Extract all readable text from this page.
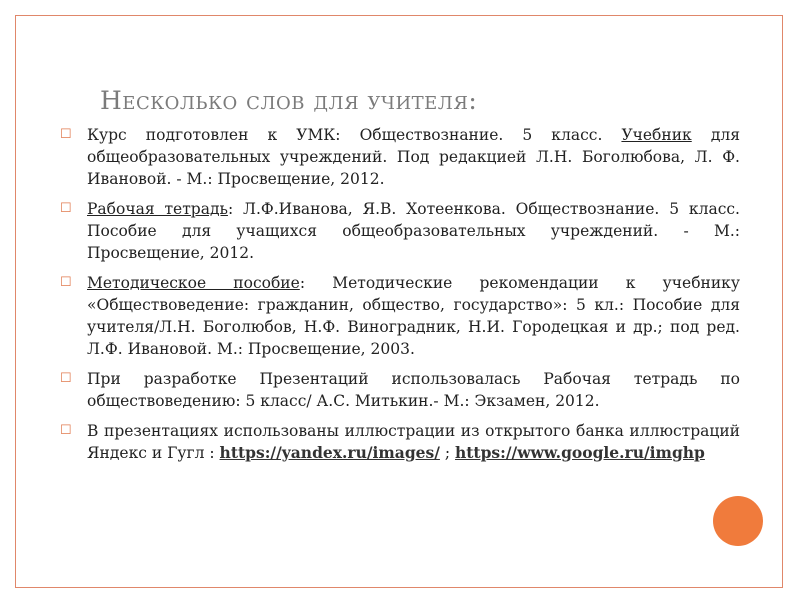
Несколько слов для учителя:
☐ Курс подготовлен к УМК: Обществознание. 5 класс. Учебник для общеобразовательных учреждений. Под редакцией Л.Н. Боголюбова, Л. Ф. Ивановой. - М.: Просвещение, 2012.
☐ Рабочая тетрадь: Л.Ф.Иванова, Я.В. Хотеенкова. Обществознание. 5 класс. Пособие для учащихся общеобразовательных учреждений. - М.: Просвещение, 2012.
☐ Методическое пособие: Методические рекомендации к учебнику «Обществоведение: гражданин, общество, государство»: 5 кл.: Пособие для учителя/Л.Н. Боголюбов, Н.Ф. Виноградник, Н.И. Городецкая и др.; под ред. Л.Ф. Ивановой. М.: Просвещение, 2003.
☐ При разработке Презентаций использовалась Рабочая тетрадь по обществоведению: 5 класс/ А.С. Митькин.- М.: Экзамен, 2012.
☐ В презентациях использованы иллюстрации из открытого банка иллюстраций Яндекс и Гугл : https://yandex.ru/images/ ; https://www.google.ru/imghp
